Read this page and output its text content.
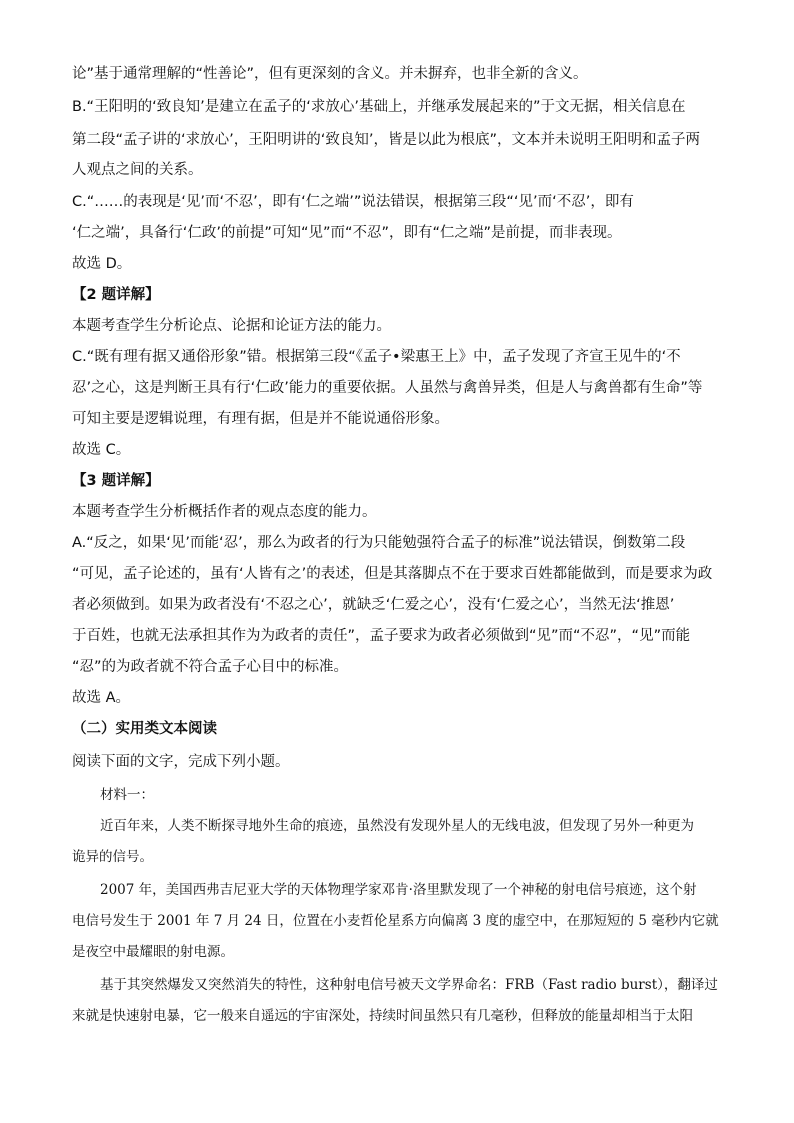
论”基于通常理解的“性善论”，但有更深刻的含义。并未摒弃，也非全新的含义。
B.“王阳明的‘致良知’是建立在孟子的‘求放心’基础上，并继承发展起来的”于文无据，相关信息在
第二段“孟子讲的‘求放心’，王阳明讲的‘致良知’，皆是以此为根底”，文本并未说明王阳明和孟子两
人观点之间的关系。
C.“……的表现是‘见’而‘不忍’，即有‘仁之端’”说法错误，根据第三段“‘见’而‘不忍’，即有
‘仁之端’，具备行‘仁政’的前提”可知“见”而“不忍”，即有“仁之端”是前提，而非表现。
故选 D。
【2 题详解】
本题考查学生分析论点、论据和论证方法的能力。
C.“既有理有据又通俗形象”错。根据第三段“《孟子•梁惠王上》中，孟子发现了齐宣王见牛的‘不
忍’之心，这是判断王具有行‘仁政’能力的重要依据。人虽然与禽兽异类，但是人与禽兽都有生命”等
可知主要是逻辑说理，有理有据，但是并不能说通俗形象。
故选 C。
【3 题详解】
本题考查学生分析概括作者的观点态度的能力。
A.“反之，如果‘见’而能‘忍’，那么为政者的行为只能勉强符合孟子的标准”说法错误，倒数第二段
“可见，孟子论述的，虽有‘人皆有之’的表述，但是其落脚点不在于要求百姓都能做到，而是要求为政
者必须做到。如果为政者没有‘不忍之心’，就缺乏‘仁爱之心’，没有‘仁爱之心’，当然无法‘推恩’
于百姓，也就无法承担其作为为政者的责任”，孟子要求为政者必须做到“见”而“不忍”，“见”而能
“忍”的为政者就不符合孟子心目中的标准。
故选 A。
（二）实用类文本阅读
阅读下面的文字，完成下列小题。
材料一：
近百年来，人类不断探寻地外生命的痕迹，虽然没有发现外星人的无线电波，但发现了另外一种更为
诡异的信号。
2007 年，美国西弗吉尼亚大学的天体物理学家邓肯·洛里默发现了一个神秘的射电信号痕迹，这个射
电信号发生于 2001 年 7 月 24 日，位置在小麦哲伦星系方向偏离 3 度的虚空中，在那短短的 5 毫秒内它就
是夜空中最耀眼的射电源。
基于其突然爆发又突然消失的特性，这种射电信号被天文学界命名：FRB（Fast radio burst），翻译过
来就是快速射电暴，它一般来自遥远的宇宙深处，持续时间虽然只有几毫秒，但释放的能量却相当于太阳
